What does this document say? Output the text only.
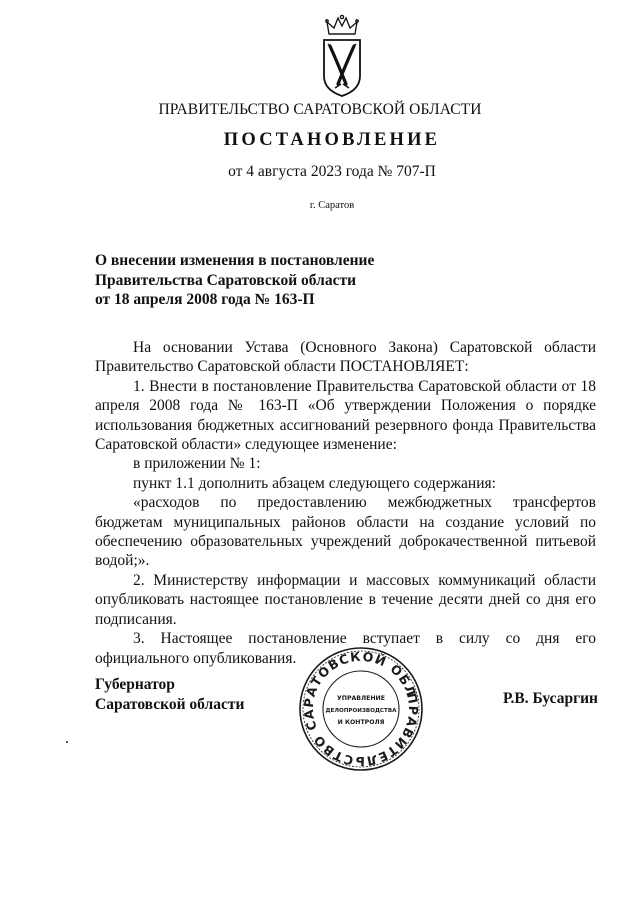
ПРАВИТЕЛЬСТВО САРАТОВСКОЙ ОБЛАСТИ
ПОСТАНОВЛЕНИЕ
от 4 августа 2023 года № 707-П
г. Саратов
О внесении изменения в постановление
Правительства Саратовской области
от 18 апреля 2008 года № 163-П
На основании Устава (Основного Закона) Саратовской области Правительство Саратовской области ПОСТАНОВЛЯЕТ:
1. Внести в постановление Правительства Саратовской области от 18 апреля 2008 года № 163-П «Об утверждении Положения о порядке использования бюджетных ассигнований резервного фонда Правительства Саратовской области» следующее изменение:
в приложении № 1:
пункт 1.1 дополнить абзацем следующего содержания:
«расходов по предоставлению межбюджетных трансфертов бюджетам муниципальных районов области на создание условий по обеспечению образовательных учреждений доброкачественной питьевой водой;».
2. Министерству информации и массовых коммуникаций области опубликовать настоящее постановление в течение десяти дней со дня его подписания.
3. Настоящее постановление вступает в силу со дня его официального опубликования.
Губернатор
Саратовской области	ПРАВИТЕЛЬСТВО САРАТОВСКОЙ ОБЛАСТИ
УПРАВЛЕНИЕ
ДЕЛОПРОИЗВОДСТВА
И КОНТРОЛЯ
Р.В. Бусаргин
